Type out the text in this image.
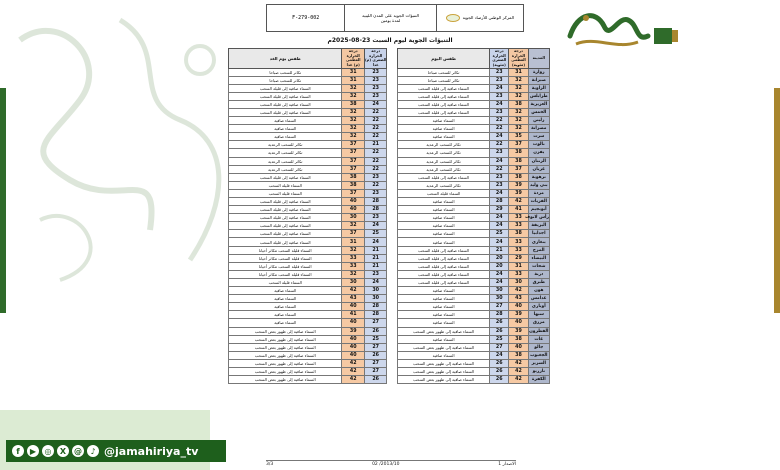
f	▶	◎	X @	♪ @jamahiriya_tv
F-279-002	التنبؤات الجوية على المدن الليبية
لمدة يومين
المركز الوطني للأرصاد الجوية
التنبؤات الجوية ليوم السبت 23-08-2025م
المدينة	درجة الحرارة العظمى (مئوية)	درجة الحرارة الصغرى (مئوية)	طقس اليوم		درجة الحرارة الصغرى (م) غدا	درجة الحرارة العظمى (م) غدا	طقس يوم الغد
زوارة	31	23	تكاثر للسحب صباحا		23	31	تكاثر للسحب صباحا
صبراتة	32	23	تكاثر للسحب صباحا		23	31	تكاثر للسحب صباحا
الزاوية	32	24	السماء صافية إلى قليلة السحب		23	32	السماء صافية إلى قليلة السحب
طرابلس	32	23	السماء صافية إلى قليلة السحب		23	32	السماء صافية إلى قليلة السحب
العزيزية	38	24	السماء صافية إلى قليلة السحب		24	38	السماء صافية إلى قليلة السحب
الخمس	32	23	السماء صافية إلى قليلة السحب		22	32	السماء صافية إلى قليلة السحب
زليتن	32	22	السماء صافية		22	32	السماء صافية
مصراتة	32	22	السماء صافية		22	32	السماء صافية
سرت	35	24	السماء صافية		22	32	السماء صافية
نالوت	37	22	تكاثر للسحب الرعدية		21	37	تكاثر للسحب الرعدية
يفرن	38	23	تكاثر للسحب الرعدية		22	37	تكاثر للسحب الرعدية
الزنتان	38	24	تكاثر للسحب الرعدية		22	37	تكاثر للسحب الرعدية
غريان	37	22	تكاثر للسحب الرعدية		22	37	تكاثر للسحب الرعدية
ترهونة	38	23	السماء صافية إلى قليلة السحب		23	38	السماء صافية إلى قليلة السحب
بني وليد	39	23	تكاثر للسحب الرعدية		22	38	السماء قليلة السحب
مزدة	39	24	السماء قليلة السحب		23	37	السماء قليلة السحب
القريات	42	28	السماء صافية		28	40	السماء صافية إلى قليلة السحب
أبونجيم	41	29	السماء صافية		28	40	السماء صافية إلى قليلة السحب
رأس لانوف	33	24	السماء صافية		23	30	السماء صافية إلى قليلة السحب
البريقة	33	24	السماء صافية		24	32	السماء صافية إلى قليلة السحب
اجدابيا	38	25	السماء صافية		25	37	السماء صافية إلى قليلة السحب
بنغازي	33	24	السماء صافية		24	31	السماء صافية إلى قليلة السحب
المرج	33	21	السماء صافية إلى قليلة السحب		21	32	السماء قليلة السحب تتكاثر أحيانا
البيضاء	29	20	السماء صافية إلى قليلة السحب		21	33	السماء قليلة السحب تتكاثر أحيانا
شحات	31	20	السماء صافية إلى قليلة السحب		21	33	السماء قليلة السحب تتكاثر أحيانا
درنة	33	24	السماء صافية إلى قليلة السحب		23	32	السماء قليلة السحب تتكاثر أحيانا
طبرق	30	24	السماء صافية إلى قليلة السحب		24	30	السماء قليلة السحب
هون	42	30	السماء صافية		30	42	السماء صافية
غدامس	43	30	السماء صافية		30	43	السماء صافية
أوباري	40	27	السماء صافية		28	40	السماء صافية
سبها	39	28	السماء صافية		28	41	السماء صافية
مرزق	40	26	السماء صافية		27	40	السماء صافية
القطرون	39	26	السماء صافية إلى ظهور بعض السحب		26	39	السماء صافية إلى ظهور بعض السحب
غات	38	25	السماء صافية		25	40	السماء صافية إلى ظهور بعض السحب
جالو	40	27	السماء صافية إلى ظهور بعض السحب		27	40	السماء صافية إلى ظهور بعض السحب
الجغبوب	38	24	السماء صافية		26	40	السماء صافية إلى ظهور بعض السحب
السرير	42	26	السماء صافية إلى ظهور بعض السحب		27	42	السماء صافية إلى ظهور بعض السحب
تازربو	42	26	السماء صافية إلى ظهور بعض السحب		27	42	السماء صافية إلى ظهور بعض السحب
الكفرة	42	26	السماء صافية إلى ظهور بعض السحب		26	42	السماء صافية إلى ظهور بعض السحب
الاصدار 1
2013/10/ 02
3/3
